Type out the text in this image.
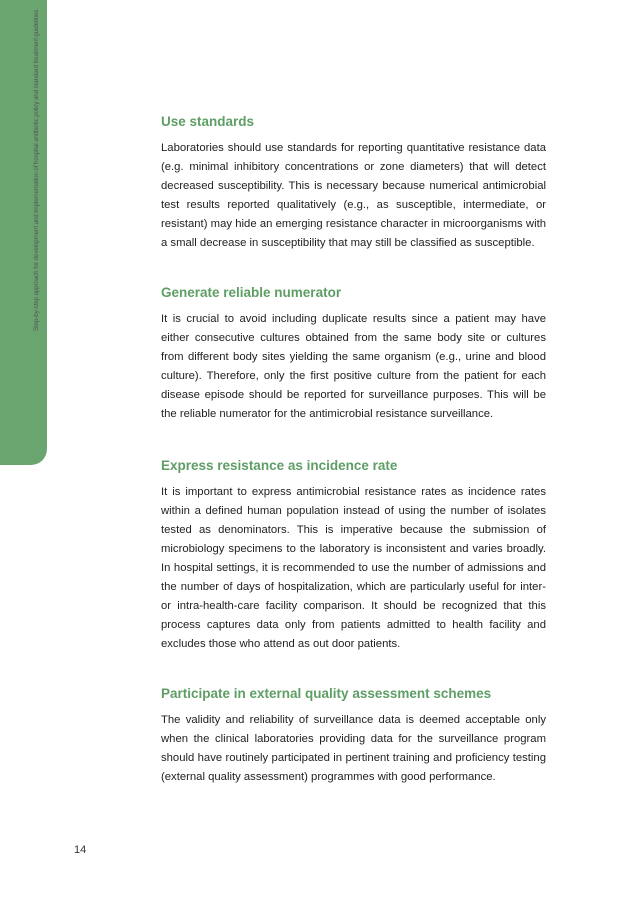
Step-by-step approach for development and implementation of hospital antibiotic policy and standard treatment guidelines	Use standards

Laboratories should use standards for reporting quantitative resistance data (e.g. minimal inhibitory concentrations or zone diameters) that will detect decreased susceptibility. This is necessary because numerical antimicrobial test results reported qualitatively (e.g., as susceptible, intermediate, or resistant) may hide an emerging resistance character in microorganisms with a small decrease in susceptibility that may still be classified as susceptible.

Generate reliable numerator

It is crucial to avoid including duplicate results since a patient may have either consecutive cultures obtained from the same body site or cultures from different body sites yielding the same organism (e.g., urine and blood culture). Therefore, only the first positive culture from the patient for each disease episode should be reported for surveillance purposes. This will be the reliable numerator for the antimicrobial resistance surveillance.

Express resistance as incidence rate

It is important to express antimicrobial resistance rates as incidence rates within a defined human population instead of using the number of isolates tested as denominators. This is imperative because the submission of microbiology specimens to the laboratory is inconsistent and varies broadly. In hospital settings, it is recommended to use the number of admissions and the number of days of hospitalization, which are particularly useful for inter- or intra-health-care facility comparison. It should be recognized that this process captures data only from patients admitted to health facility and excludes those who attend as out door patients.

Participate in external quality assessment schemes

The validity and reliability of surveillance data is deemed acceptable only when the clinical laboratories providing data for the surveillance program should have routinely participated in pertinent training and proficiency testing (external quality assessment) programmes with good performance.

14
